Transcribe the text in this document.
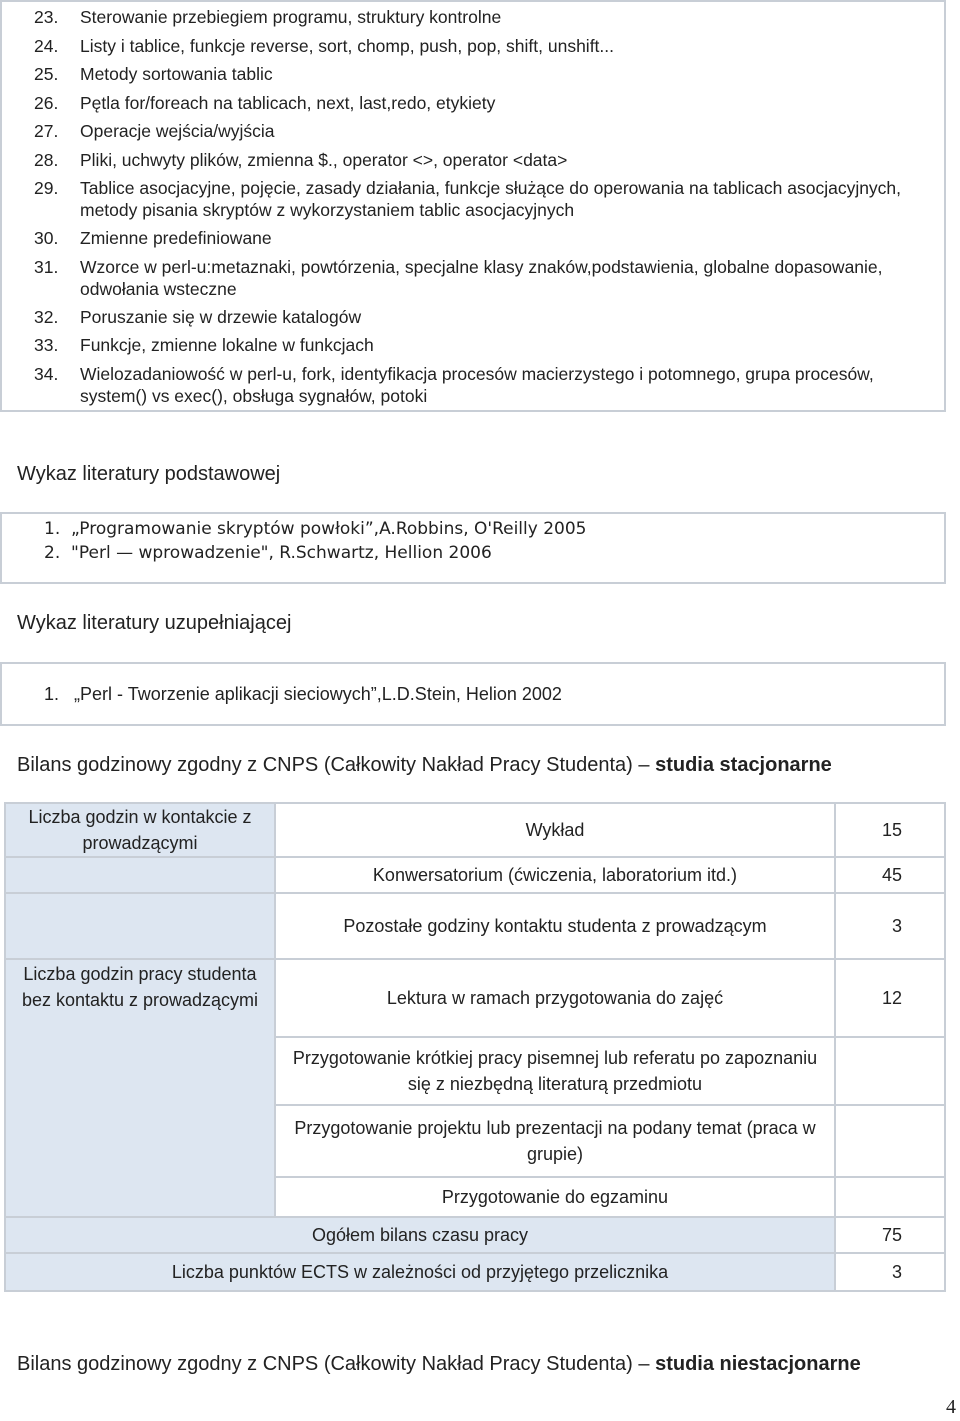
23.	Sterowanie przebiegiem programu, struktury kontrolne
24.	Listy i tablice, funkcje reverse, sort, chomp, push, pop, shift, unshift...
25.	Metody sortowania tablic
26.	Pętla for/foreach na tablicach, next, last,redo, etykiety
27.	Operacje wejścia/wyjścia
28.	Pliki, uchwyty plików, zmienna $., operator <>, operator <data>
29.	Tablice asocjacyjne, pojęcie, zasady działania, funkcje służące do operowania na tablicach asocjacyjnych, metody pisania skryptów z wykorzystaniem tablic asocjacyjnych
30.	Zmienne predefiniowane
31.	Wzorce w perl-u:metaznaki, powtórzenia, specjalne klasy znaków,podstawienia, globalne dopasowanie, odwołania wsteczne
32.	Poruszanie się w drzewie katalogów
33.	Funkcje, zmienne lokalne w funkcjach
34.	Wielozadaniowość w perl-u, fork, identyfikacja procesów macierzystego i potomnego, grupa procesów, system() vs exec(), obsługa sygnałów, potoki
Wykaz literatury podstawowej
1. „Programowanie skryptów powłoki”,A.Robbins, O'Reilly 2005
2. "Perl — wprowadzenie", R.Schwartz, Hellion 2006
Wykaz literatury uzupełniającej
1. „Perl - Tworzenie aplikacji sieciowych”,L.D.Stein, Helion 2002
Bilans godzinowy zgodny z CNPS (Całkowity Nakład Pracy Studenta) – studia stacjonarne
Liczba godzin w kontakcie z prowadzącymi	Wykład	15
	Konwersatorium (ćwiczenia, laboratorium itd.)	45
	Pozostałe godziny kontaktu studenta z prowadzącym	3
Liczba godzin pracy studenta bez kontaktu z prowadzącymi	Lektura w ramach przygotowania do zajęć	12
	Przygotowanie krótkiej pracy pisemnej lub referatu po zapoznaniu się z niezbędną literaturą przedmiotu	
	Przygotowanie projektu lub prezentacji na podany temat (praca w grupie)	
	Przygotowanie do egzaminu	
Ogółem bilans czasu pracy		75
Liczba punktów ECTS w zależności od przyjętego przelicznika		3
Bilans godzinowy zgodny z CNPS (Całkowity Nakład Pracy Studenta) – studia niestacjonarne
4
